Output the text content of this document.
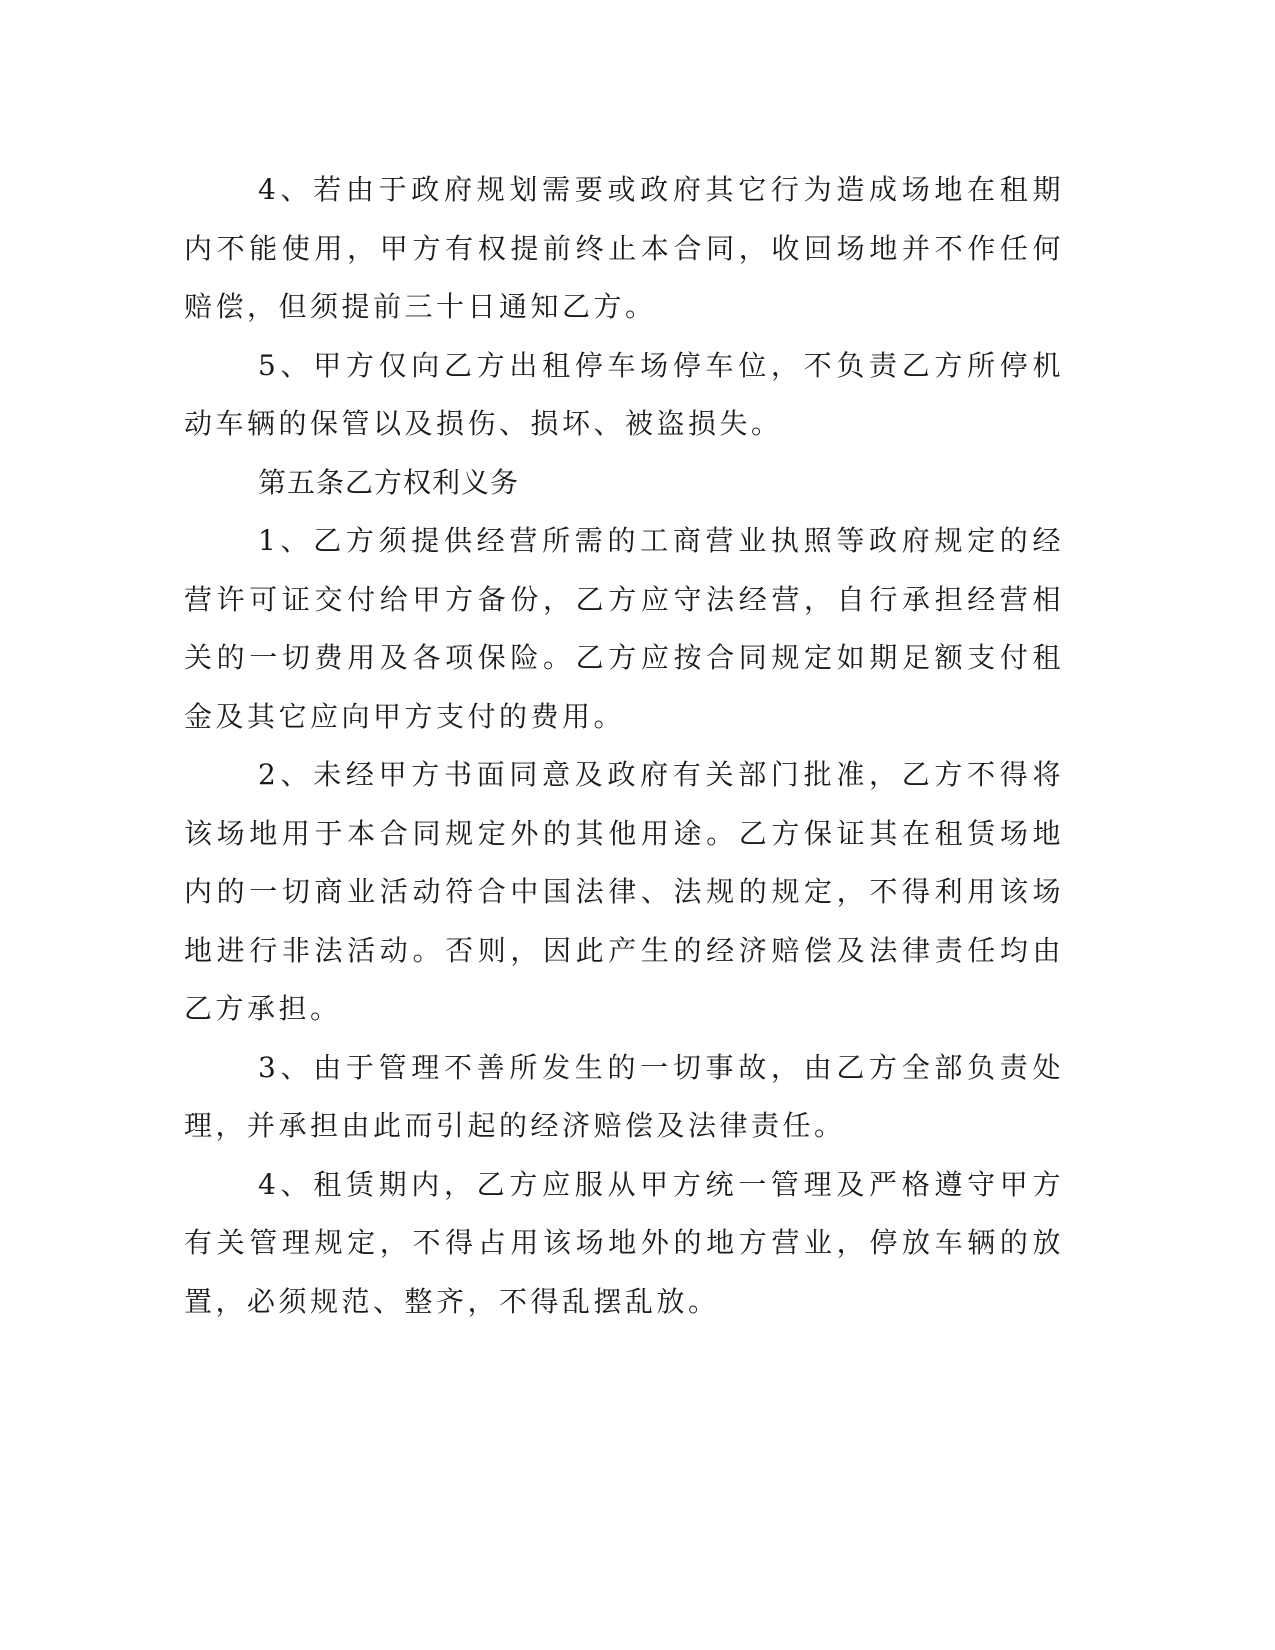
4、若由于政府规划需要或政府其它行为造成场地在租期内不能使用，甲方有权提前终止本合同，收回场地并不作任何赔偿，但须提前三十日通知乙方。

5、甲方仅向乙方出租停车场停车位，不负责乙方所停机动车辆的保管以及损伤、损坏、被盗损失。

第五条乙方权利义务

1、乙方须提供经营所需的工商营业执照等政府规定的经营许可证交付给甲方备份，乙方应守法经营，自行承担经营相关的一切费用及各项保险。乙方应按合同规定如期足额支付租金及其它应向甲方支付的费用。

2、未经甲方书面同意及政府有关部门批准，乙方不得将该场地用于本合同规定外的其他用途。乙方保证其在租赁场地内的一切商业活动符合中国法律、法规的规定，不得利用该场地进行非法活动。否则，因此产生的经济赔偿及法律责任均由乙方承担。

3、由于管理不善所发生的一切事故，由乙方全部负责处理，并承担由此而引起的经济赔偿及法律责任。

4、租赁期内，乙方应服从甲方统一管理及严格遵守甲方有关管理规定，不得占用该场地外的地方营业，停放车辆的放置，必须规范、整齐，不得乱摆乱放。
